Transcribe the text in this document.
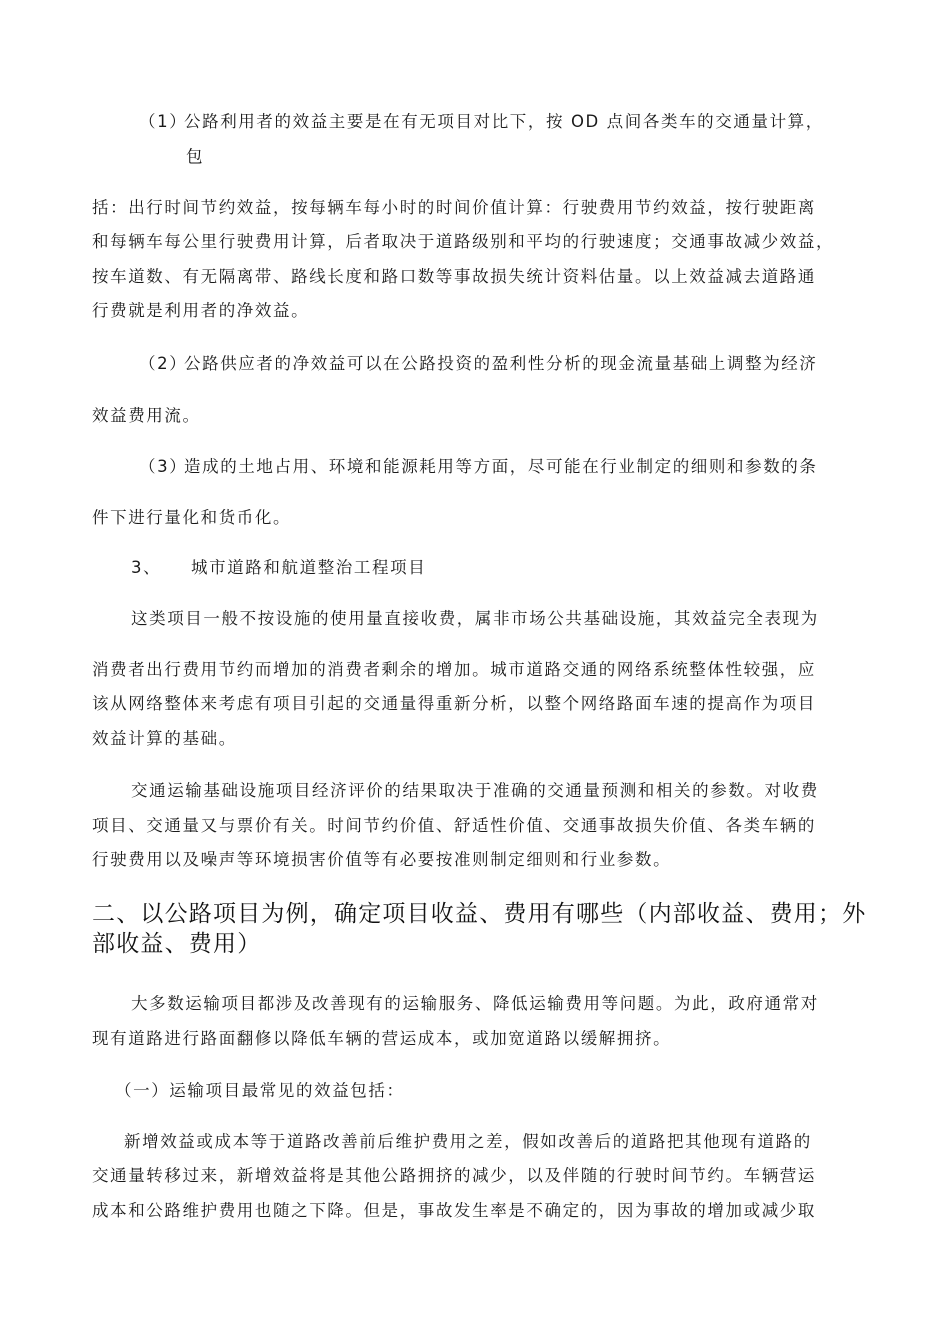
（1）公路利用者的效益主要是在有无项目对比下，按 OD 点间各类车的交通量计算，
包
括：出行时间节约效益，按每辆车每小时的时间价值计算：行驶费用节约效益，按行驶距离
和每辆车每公里行驶费用计算，后者取决于道路级别和平均的行驶速度；交通事故减少效益，
按车道数、有无隔离带、路线长度和路口数等事故损失统计资料估量。以上效益减去道路通
行费就是利用者的净效益。
（2）公路供应者的净效益可以在公路投资的盈利性分析的现金流量基础上调整为经济
效益费用流。
（3）造成的土地占用、环境和能源耗用等方面，尽可能在行业制定的细则和参数的条
件下进行量化和货币化。
3、 城市道路和航道整治工程项目
这类项目一般不按设施的使用量直接收费，属非市场公共基础设施，其效益完全表现为
消费者出行费用节约而增加的消费者剩余的增加。城市道路交通的网络系统整体性较强，应
该从网络整体来考虑有项目引起的交通量得重新分析，以整个网络路面车速的提高作为项目
效益计算的基础。
交通运输基础设施项目经济评价的结果取决于准确的交通量预测和相关的参数。对收费
项目、交通量又与票价有关。时间节约价值、舒适性价值、交通事故损失价值、各类车辆的
行驶费用以及噪声等环境损害价值等有必要按准则制定细则和行业参数。
二、以公路项目为例，确定项目收益、费用有哪些（内部收益、费用；外
部收益、费用）
大多数运输项目都涉及改善现有的运输服务、降低运输费用等问题。为此，政府通常对
现有道路进行路面翻修以降低车辆的营运成本，或加宽道路以缓解拥挤。
（一）运输项目最常见的效益包括：
新增效益或成本等于道路改善前后维护费用之差，假如改善后的道路把其他现有道路的
交通量转移过来，新增效益将是其他公路拥挤的减少，以及伴随的行驶时间节约。车辆营运
成本和公路维护费用也随之下降。但是，事故发生率是不确定的，因为事故的增加或减少取
